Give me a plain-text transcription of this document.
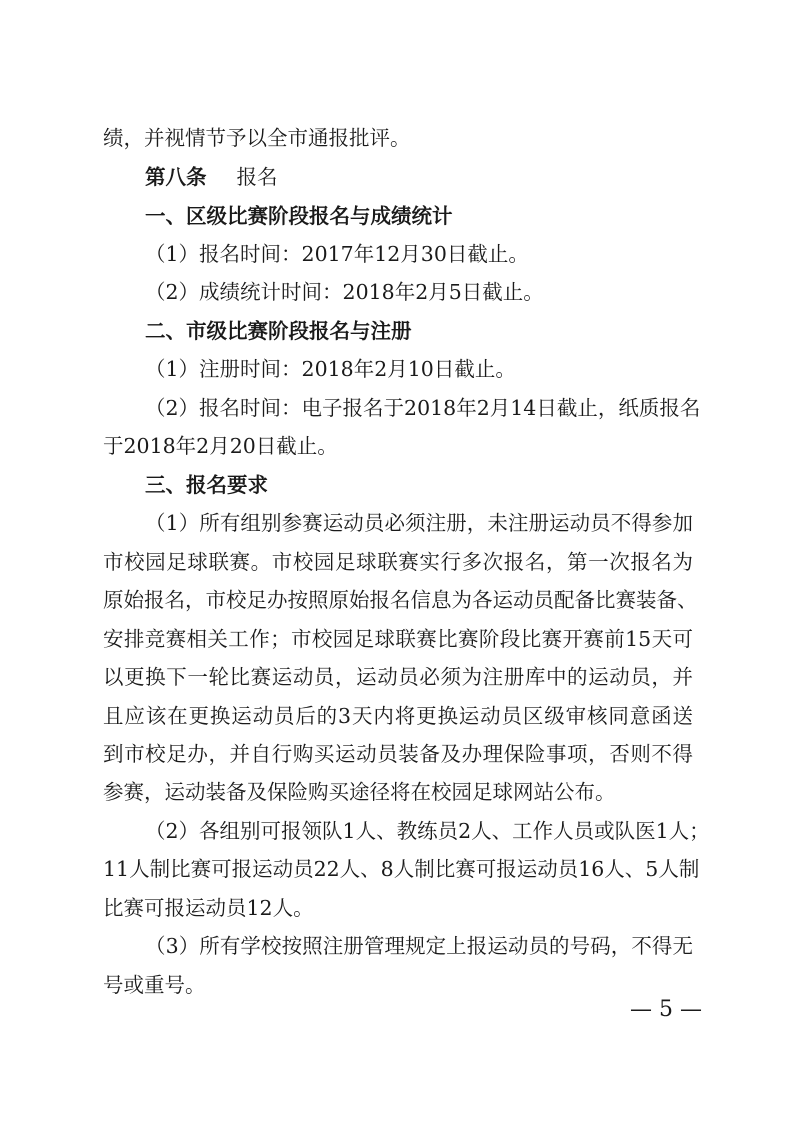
绩，并视情节予以全市通报批评。
第八条 报名
一、区级比赛阶段报名与成绩统计
（1）报名时间：2017年12月30日截止。
（2）成绩统计时间：2018年2月5日截止。
二、市级比赛阶段报名与注册
（1）注册时间：2018年2月10日截止。
（2）报名时间：电子报名于2018年2月14日截止，纸质报名
于2018年2月20日截止。
三、报名要求
（1）所有组别参赛运动员必须注册，未注册运动员不得参加
市校园足球联赛。市校园足球联赛实行多次报名，第一次报名为
原始报名，市校足办按照原始报名信息为各运动员配备比赛装备、
安排竞赛相关工作；市校园足球联赛比赛阶段比赛开赛前15天可
以更换下一轮比赛运动员，运动员必须为注册库中的运动员，并
且应该在更换运动员后的3天内将更换运动员区级审核同意函送
到市校足办，并自行购买运动员装备及办理保险事项，否则不得
参赛，运动装备及保险购买途径将在校园足球网站公布。
（2）各组别可报领队1人、教练员2人、工作人员或队医1人；
11人制比赛可报运动员22人、8人制比赛可报运动员16人、5人制
比赛可报运动员12人。
（3）所有学校按照注册管理规定上报运动员的号码，不得无
号或重号。
— 5 —
